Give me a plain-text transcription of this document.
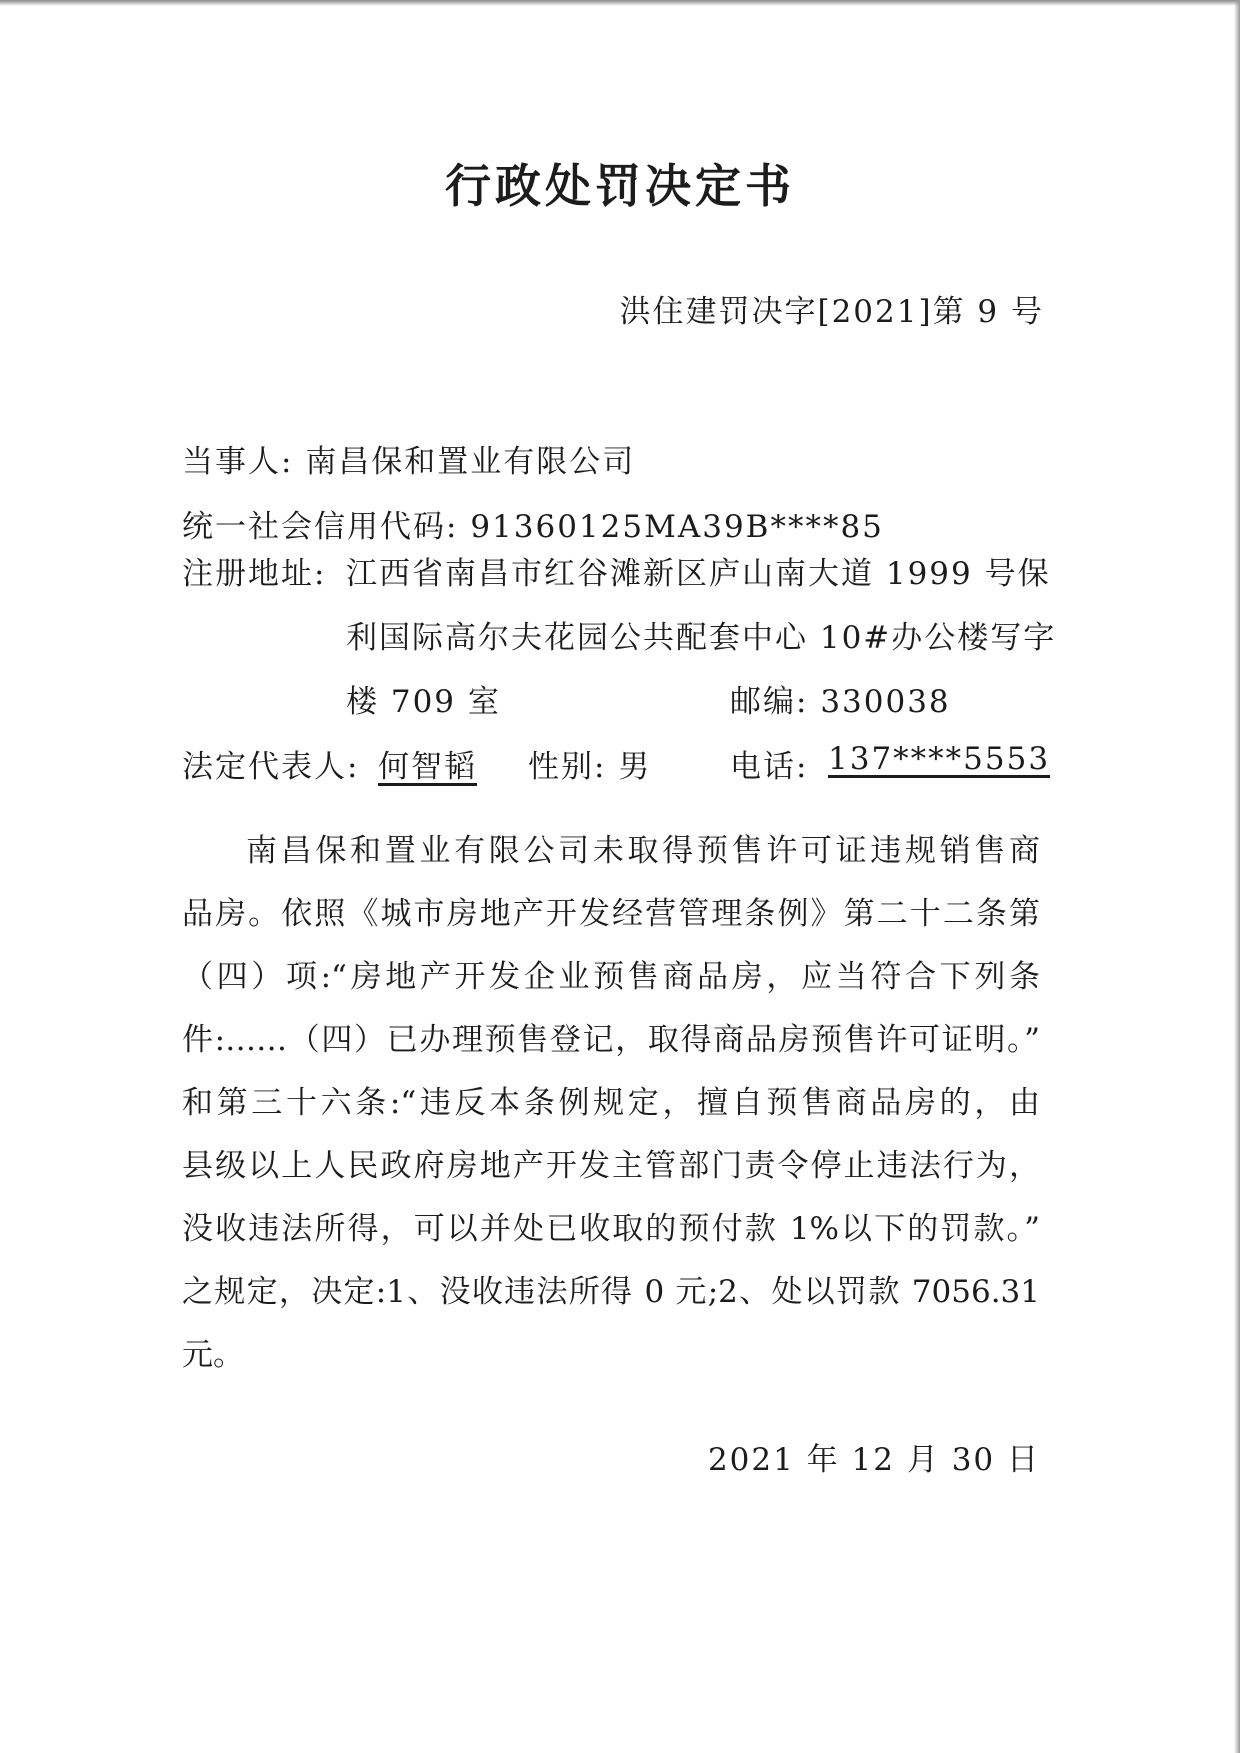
行政处罚决定书
洪住建罚决字[2021]第 9 号
当事人: 南昌保和置业有限公司
统一社会信用代码: 91360125MA39B****85
注册地址: 江西省南昌市红谷滩新区庐山南大道 1999 号保
利国际高尔夫花园公共配套中心 10#办公楼写字
楼 709 室	邮编: 330038
法定代表人: 何智韬 性别: 男	电话: 137****5553
南昌保和置业有限公司未取得预售许可证违规销售商
品房。依照《城市房地产开发经营管理条例》第二十二条第
（四）项:“房地产开发企业预售商品房，应当符合下列条
件:……（四）已办理预售登记，取得商品房预售许可证明。”
和第三十六条:“违反本条例规定，擅自预售商品房的，由
县级以上人民政府房地产开发主管部门责令停止违法行为，
没收违法所得，可以并处已收取的预付款 1%以下的罚款。”
之规定，决定:1、没收违法所得 0 元;2、处以罚款 7056.31
元。
2021 年 12 月 30 日
